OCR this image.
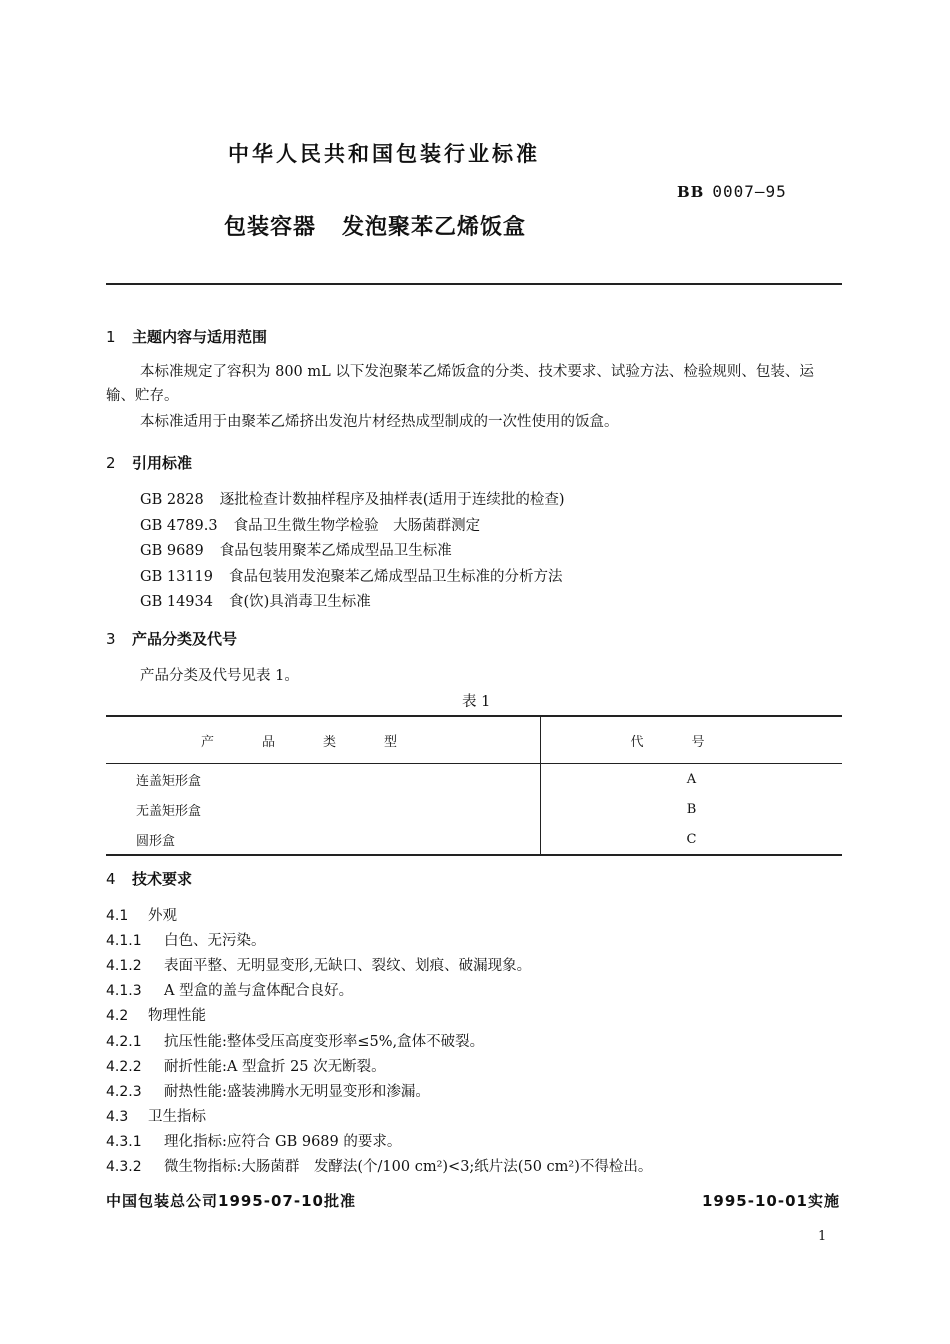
中华人民共和国包装行业标准
BB 0007—95
包装容器 发泡聚苯乙烯饭盒
1 主题内容与适用范围

本标准规定了容积为 800 mL 以下发泡聚苯乙烯饭盒的分类、技术要求、试验方法、检验规则、包装、运输、贮存。

本标准适用于由聚苯乙烯挤出发泡片材经热成型制成的一次性使用的饭盒。

2 引用标准
GB 2828 逐批检查计数抽样程序及抽样表(适用于连续批的检查)
GB 4789.3 食品卫生微生物学检验　大肠菌群测定
GB 9689 食品包装用聚苯乙烯成型品卫生标准
GB 13119 食品包装用发泡聚苯乙烯成型品卫生标准的分析方法
GB 14934 食(饮)具消毒卫生标准
3 产品分类及代号
产品分类及代号见表 1。
表 1
产品类型	代号
连盖矩形盒	A
无盖矩形盒	B
圆形盒	C
4 技术要求
4.1 外观
4.1.1 白色、无污染。
4.1.2 表面平整、无明显变形,无缺口、裂纹、划痕、破漏现象。
4.1.3 A 型盒的盖与盒体配合良好。
4.2 物理性能
4.2.1 抗压性能:整体受压高度变形率≤5%,盒体不破裂。
4.2.2 耐折性能:A 型盒折 25 次无断裂。
4.2.3 耐热性能:盛装沸腾水无明显变形和渗漏。
4.3 卫生指标
4.3.1 理化指标:应符合 GB 9689 的要求。
4.3.2 微生物指标:大肠菌群　发酵法(个/100 cm²)<3;纸片法(50 cm²)不得检出。
中国包装总公司1995-07-10批准	1995-10-01实施
1
